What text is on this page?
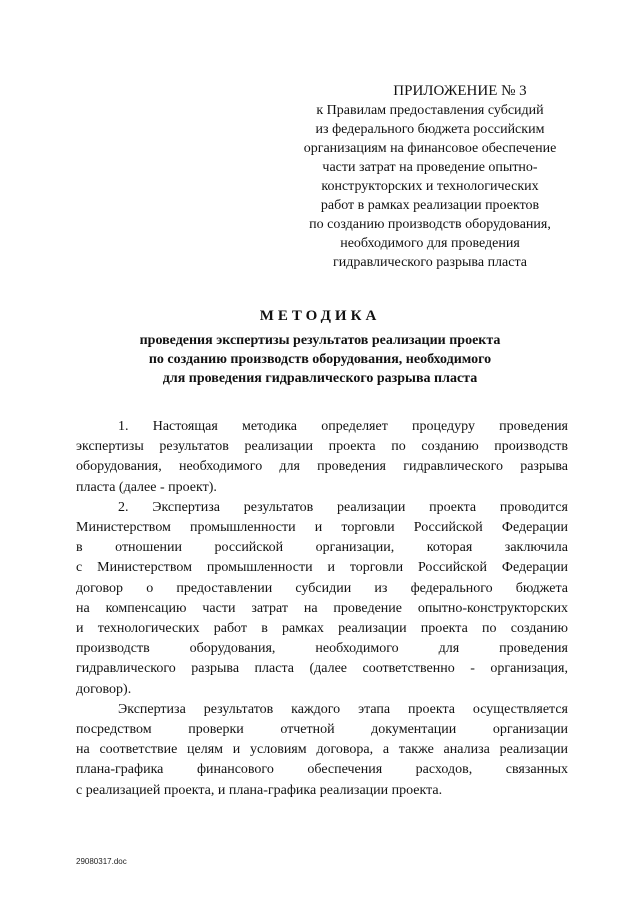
ПРИЛОЖЕНИЕ № 3
к Правилам предоставления субсидий
из федерального бюджета российским
организациям на финансовое обеспечение
части затрат на проведение опытно-
конструкторских и технологических
работ в рамках реализации проектов
по созданию производств оборудования,
необходимого для проведения
гидравлического разрыва пласта
МЕТОДИКА
проведения экспертизы результатов реализации проекта
по созданию производств оборудования, необходимого
для проведения гидравлического разрыва пласта
1. Настоящая методика определяет процедуру проведения
экспертизы результатов реализации проекта по созданию производств
оборудования, необходимого для проведения гидравлического разрыва
пласта (далее - проект).
2. Экспертиза результатов реализации проекта проводится
Министерством промышленности и торговли Российской Федерации
в отношении российской организации, которая заключила
с Министерством промышленности и торговли Российской Федерации
договор о предоставлении субсидии из федерального бюджета
на компенсацию части затрат на проведение опытно-конструкторских
и технологических работ в рамках реализации проекта по созданию
производств оборудования, необходимого для проведения
гидравлического разрыва пласта (далее соответственно - организация,
договор).
Экспертиза результатов каждого этапа проекта осуществляется
посредством проверки отчетной документации организации
на соответствие целям и условиям договора, а также анализа реализации
плана-графика финансового обеспечения расходов, связанных
с реализацией проекта, и плана-графика реализации проекта.
29080317.doc
